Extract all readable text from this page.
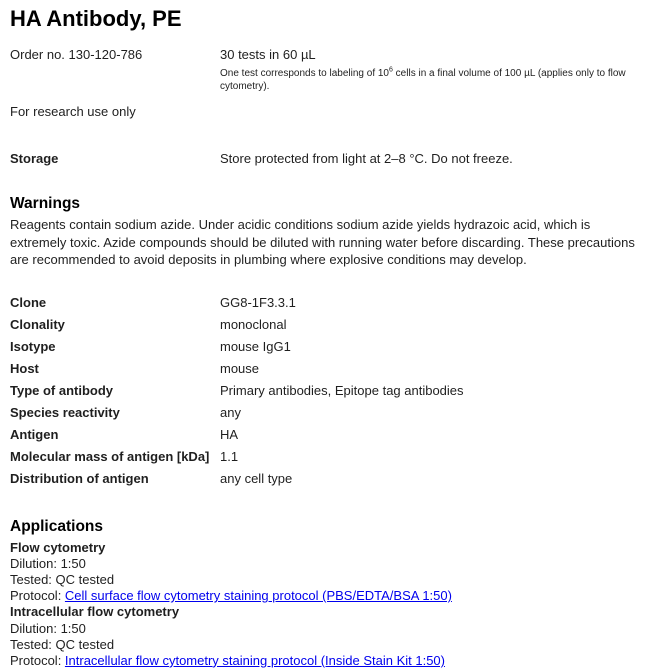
HA Antibody, PE
Order no. 130-120-786	30 tests in 60 µL
One test corresponds to labeling of $10^6$ cells in a final volume of 100 µL (applies only to flow cytometry).
For research use only
Storage	Store protected from light at 2–8 °C. Do not freeze.
Warnings
Reagents contain sodium azide. Under acidic conditions sodium azide yields hydrazoic acid, which is extremely toxic. Azide compounds should be diluted with running water before discarding. These precautions are recommended to avoid deposits in plumbing where explosive conditions may develop.
Clone	GG8-1F3.3.1
Clonality	monoclonal
Isotype	mouse IgG1
Host	mouse
Type of antibody	Primary antibodies, Epitope tag antibodies
Species reactivity	any
Antigen	HA
Molecular mass of antigen [kDa] 1.1
Distribution of antigen	any cell type
Applications
Flow cytometry
Dilution: 1:50
Tested: QC tested
Protocol: Cell surface flow cytometry staining protocol (PBS/EDTA/BSA 1:50)
Intracellular flow cytometry
Dilution: 1:50
Tested: QC tested
Protocol: Intracellular flow cytometry staining protocol (Inside Stain Kit 1:50)
